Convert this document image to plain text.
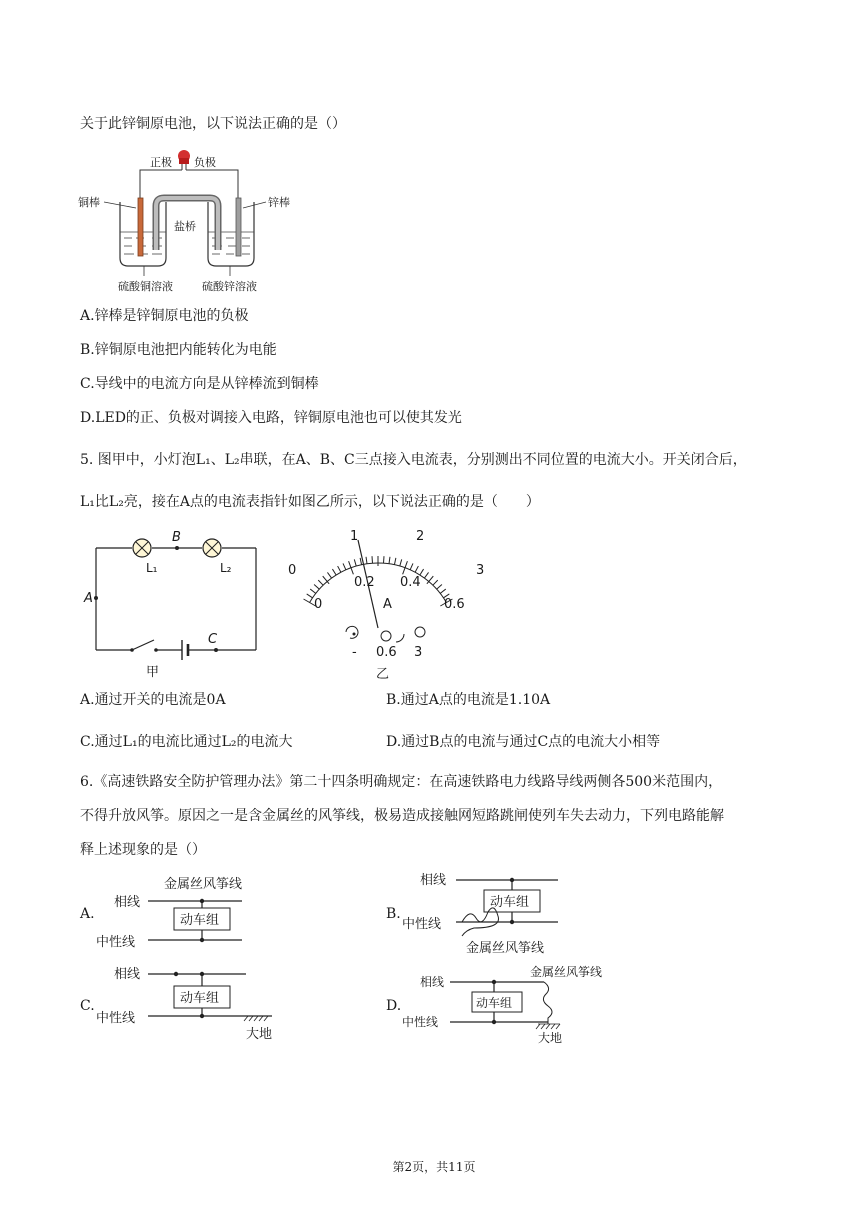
关于此锌铜原电池，以下说法正确的是（）
正极 负极
铜棒	锌棒
盐桥
硫酸铜溶液	硫酸锌溶液
A.锌棒是锌铜原电池的负极
B.锌铜原电池把内能转化为电能
C.导线中的电流方向是从锌棒流到铜棒
D.LED的正、负极对调接入电路，锌铜原电池也可以使其发光
5. 图甲中，小灯泡L₁、L₂串联，在A、B、C三点接入电流表，分别测出不同位置的电流大小。开关闭合后，
L₁比L₂亮，接在A点的电流表指针如图乙所示，以下说法正确的是（　　）
A
B
C
L₁	L₂
甲
0
1	2
3
0
0.2 0.4
0.6
A
- 0.6 3
乙
A.通过开关的电流是0A	B.通过A点的电流是1.10A
C.通过L₁的电流比通过L₂的电流大	D.通过B点的电流与通过C点的电流大小相等
6.《高速铁路安全防护管理办法》第二十四条明确规定：在高速铁路电力线路导线两侧各500米范围内，
不得升放风筝。原因之一是含金属丝的风筝线，极易造成接触网短路跳闸使列车失去动力，下列电路能解
释上述现象的是（）
A.
金属丝风筝线
相线
动车组
中性线
B.
相线
动车组
中性线
金属丝风筝线
C.
相线
动车组
中性线
大地
D.
金属丝风筝线
相线
动车组
中性线
大地
第2页，共11页
